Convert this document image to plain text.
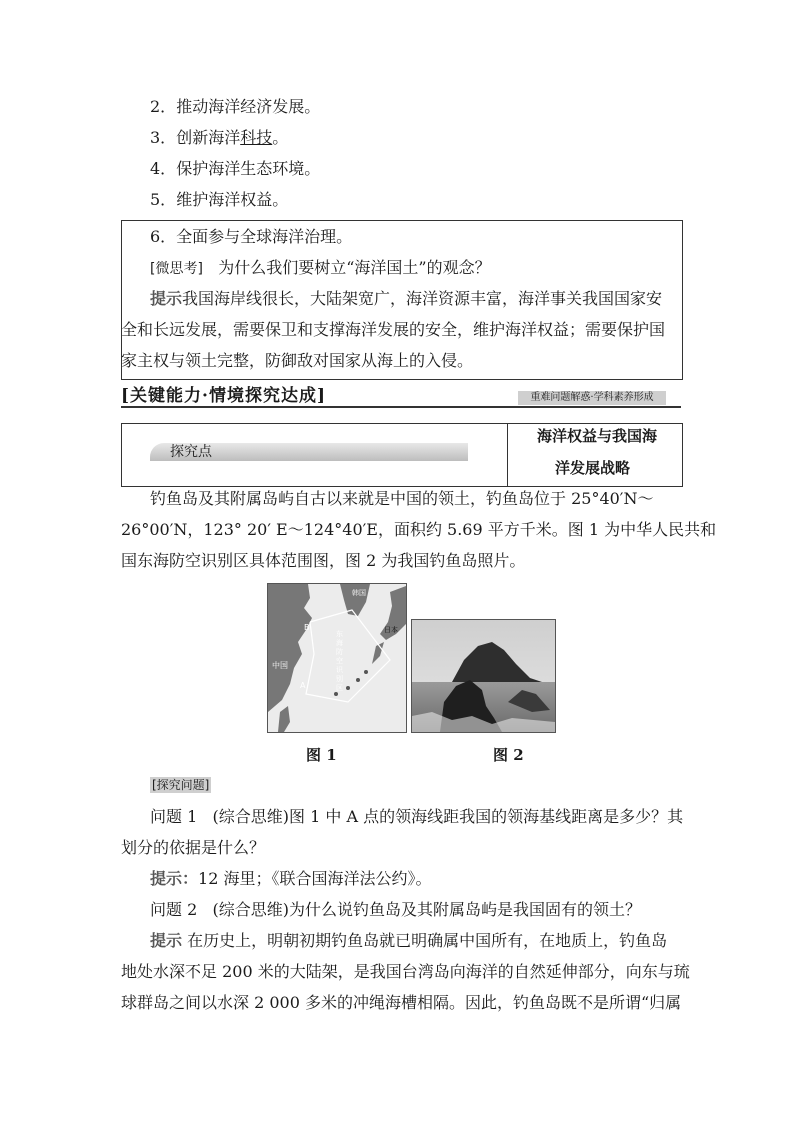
2．推动海洋经济发展。
3．创新海洋科技。
4．保护海洋生态环境。
5．维护海洋权益。
6．全面参与全球海洋治理。
[微思考] 为什么我们要树立“海洋国土”的观念？
提示我国海岸线很长，大陆架宽广，海洋资源丰富，海洋事关我国国家安
全和长远发展，需要保卫和支撑海洋发展的安全，维护海洋权益；需要保护国
家主权与领土完整，防御敌对国家从海上的入侵。
[关键能力·情境探究达成]	重难问题解惑·学科素养形成
探究点
海洋权益与我国海
洋发展战略
钓鱼岛及其附属岛屿自古以来就是中国的领土，钓鱼岛位于 25°40′N～
26°00′N，123° 20′ E～124°40′E，面积约 5.69 平方千米。图 1 为中华人民共和
国东海防空识别区具体范围图，图 2 为我国钓鱼岛照片。
韩国
日本
中国
B
A
东
海
防
空
识
别
区
图 1	图 2
[探究问题]
问题 1 (综合思维)图 1 中 A 点的领海线距我国的领海基线距离是多少？其
划分的依据是什么？
提示：12 海里；《联合国海洋法公约》。
问题 2 (综合思维)为什么说钓鱼岛及其附属岛屿是我国固有的领土？
提示 在历史上，明朝初期钓鱼岛就已明确属中国所有，在地质上，钓鱼岛
地处水深不足 200 米的大陆架，是我国台湾岛向海洋的自然延伸部分，向东与琉
球群岛之间以水深 2 000 多米的冲绳海槽相隔。因此，钓鱼岛既不是所谓“归属
